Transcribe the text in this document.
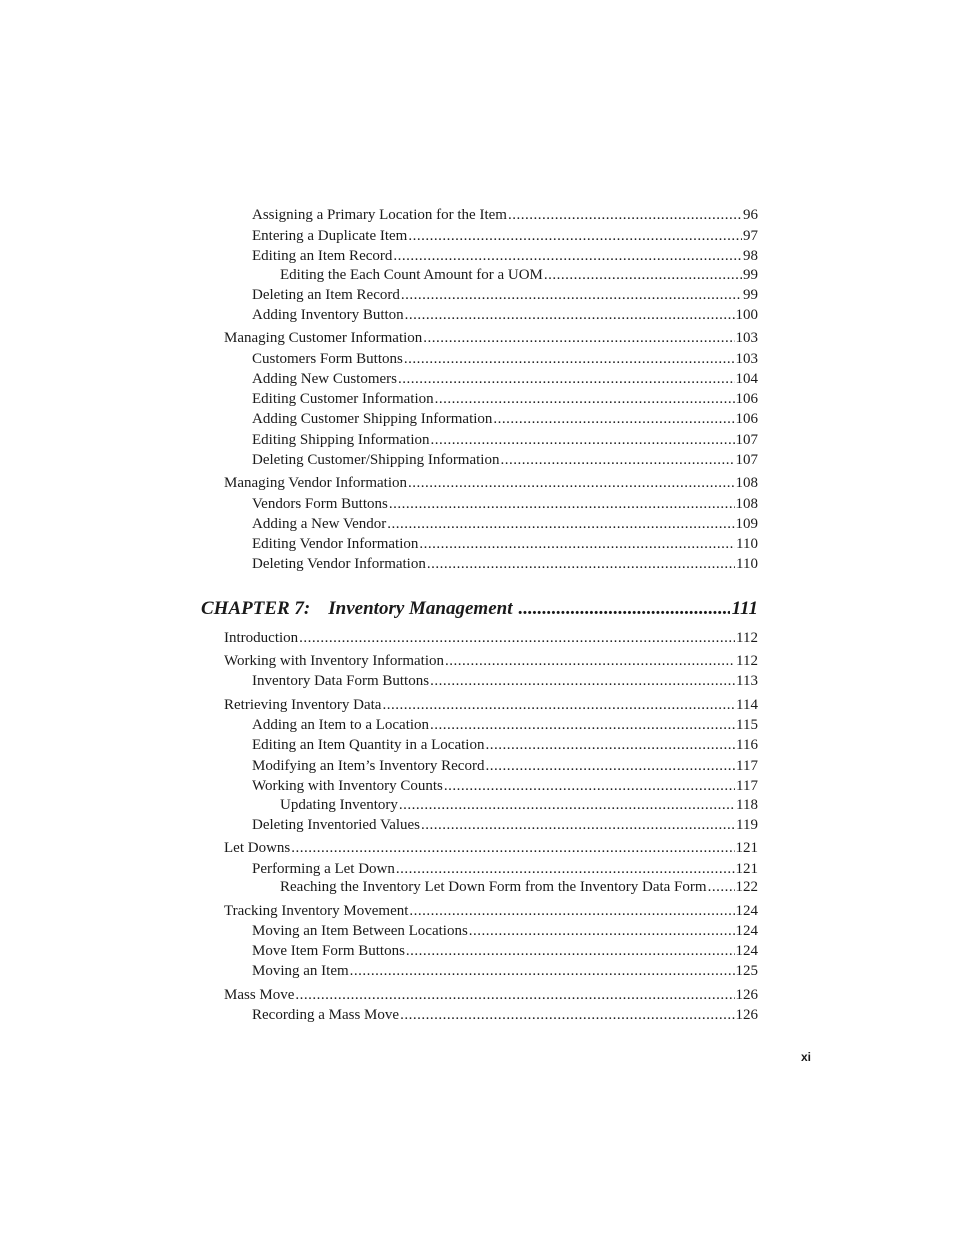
Assigning a Primary Location for the Item .....	96
Entering a Duplicate Item .....	97
Editing an Item Record .....	98
Editing the Each Count Amount for a UOM .....	99
Deleting an Item Record .....	99
Adding Inventory Button .....	100
Managing Customer Information .....	103
Customers Form Buttons .....	103
Adding New Customers .....	104
Editing Customer Information .....	106
Adding Customer Shipping Information .....	106
Editing Shipping Information .....	107
Deleting Customer/Shipping Information .....	107
Managing Vendor Information .....	108
Vendors Form Buttons .....	108
Adding a New Vendor .....	109
Editing Vendor Information .....	110
Deleting Vendor Information .....	110
CHAPTER 7: Inventory Management .....	111
Introduction .....	112
Working with Inventory Information .....	112
Inventory Data Form Buttons .....	113
Retrieving Inventory Data .....	114
Adding an Item to a Location .....	115
Editing an Item Quantity in a Location .....	116
Modifying an Item’s Inventory Record .....	117
Working with Inventory Counts .....	117
Updating Inventory .....	118
Deleting Inventoried Values .....	119
Let Downs .....	121
Performing a Let Down .....	121
Reaching the Inventory Let Down Form from the Inventory Data Form ..... 122
Tracking Inventory Movement .....	124
Moving an Item Between Locations .....	124
Move Item Form Buttons .....	124
Moving an Item .....	125
Mass Move .....	126
Recording a Mass Move .....	126
xi
